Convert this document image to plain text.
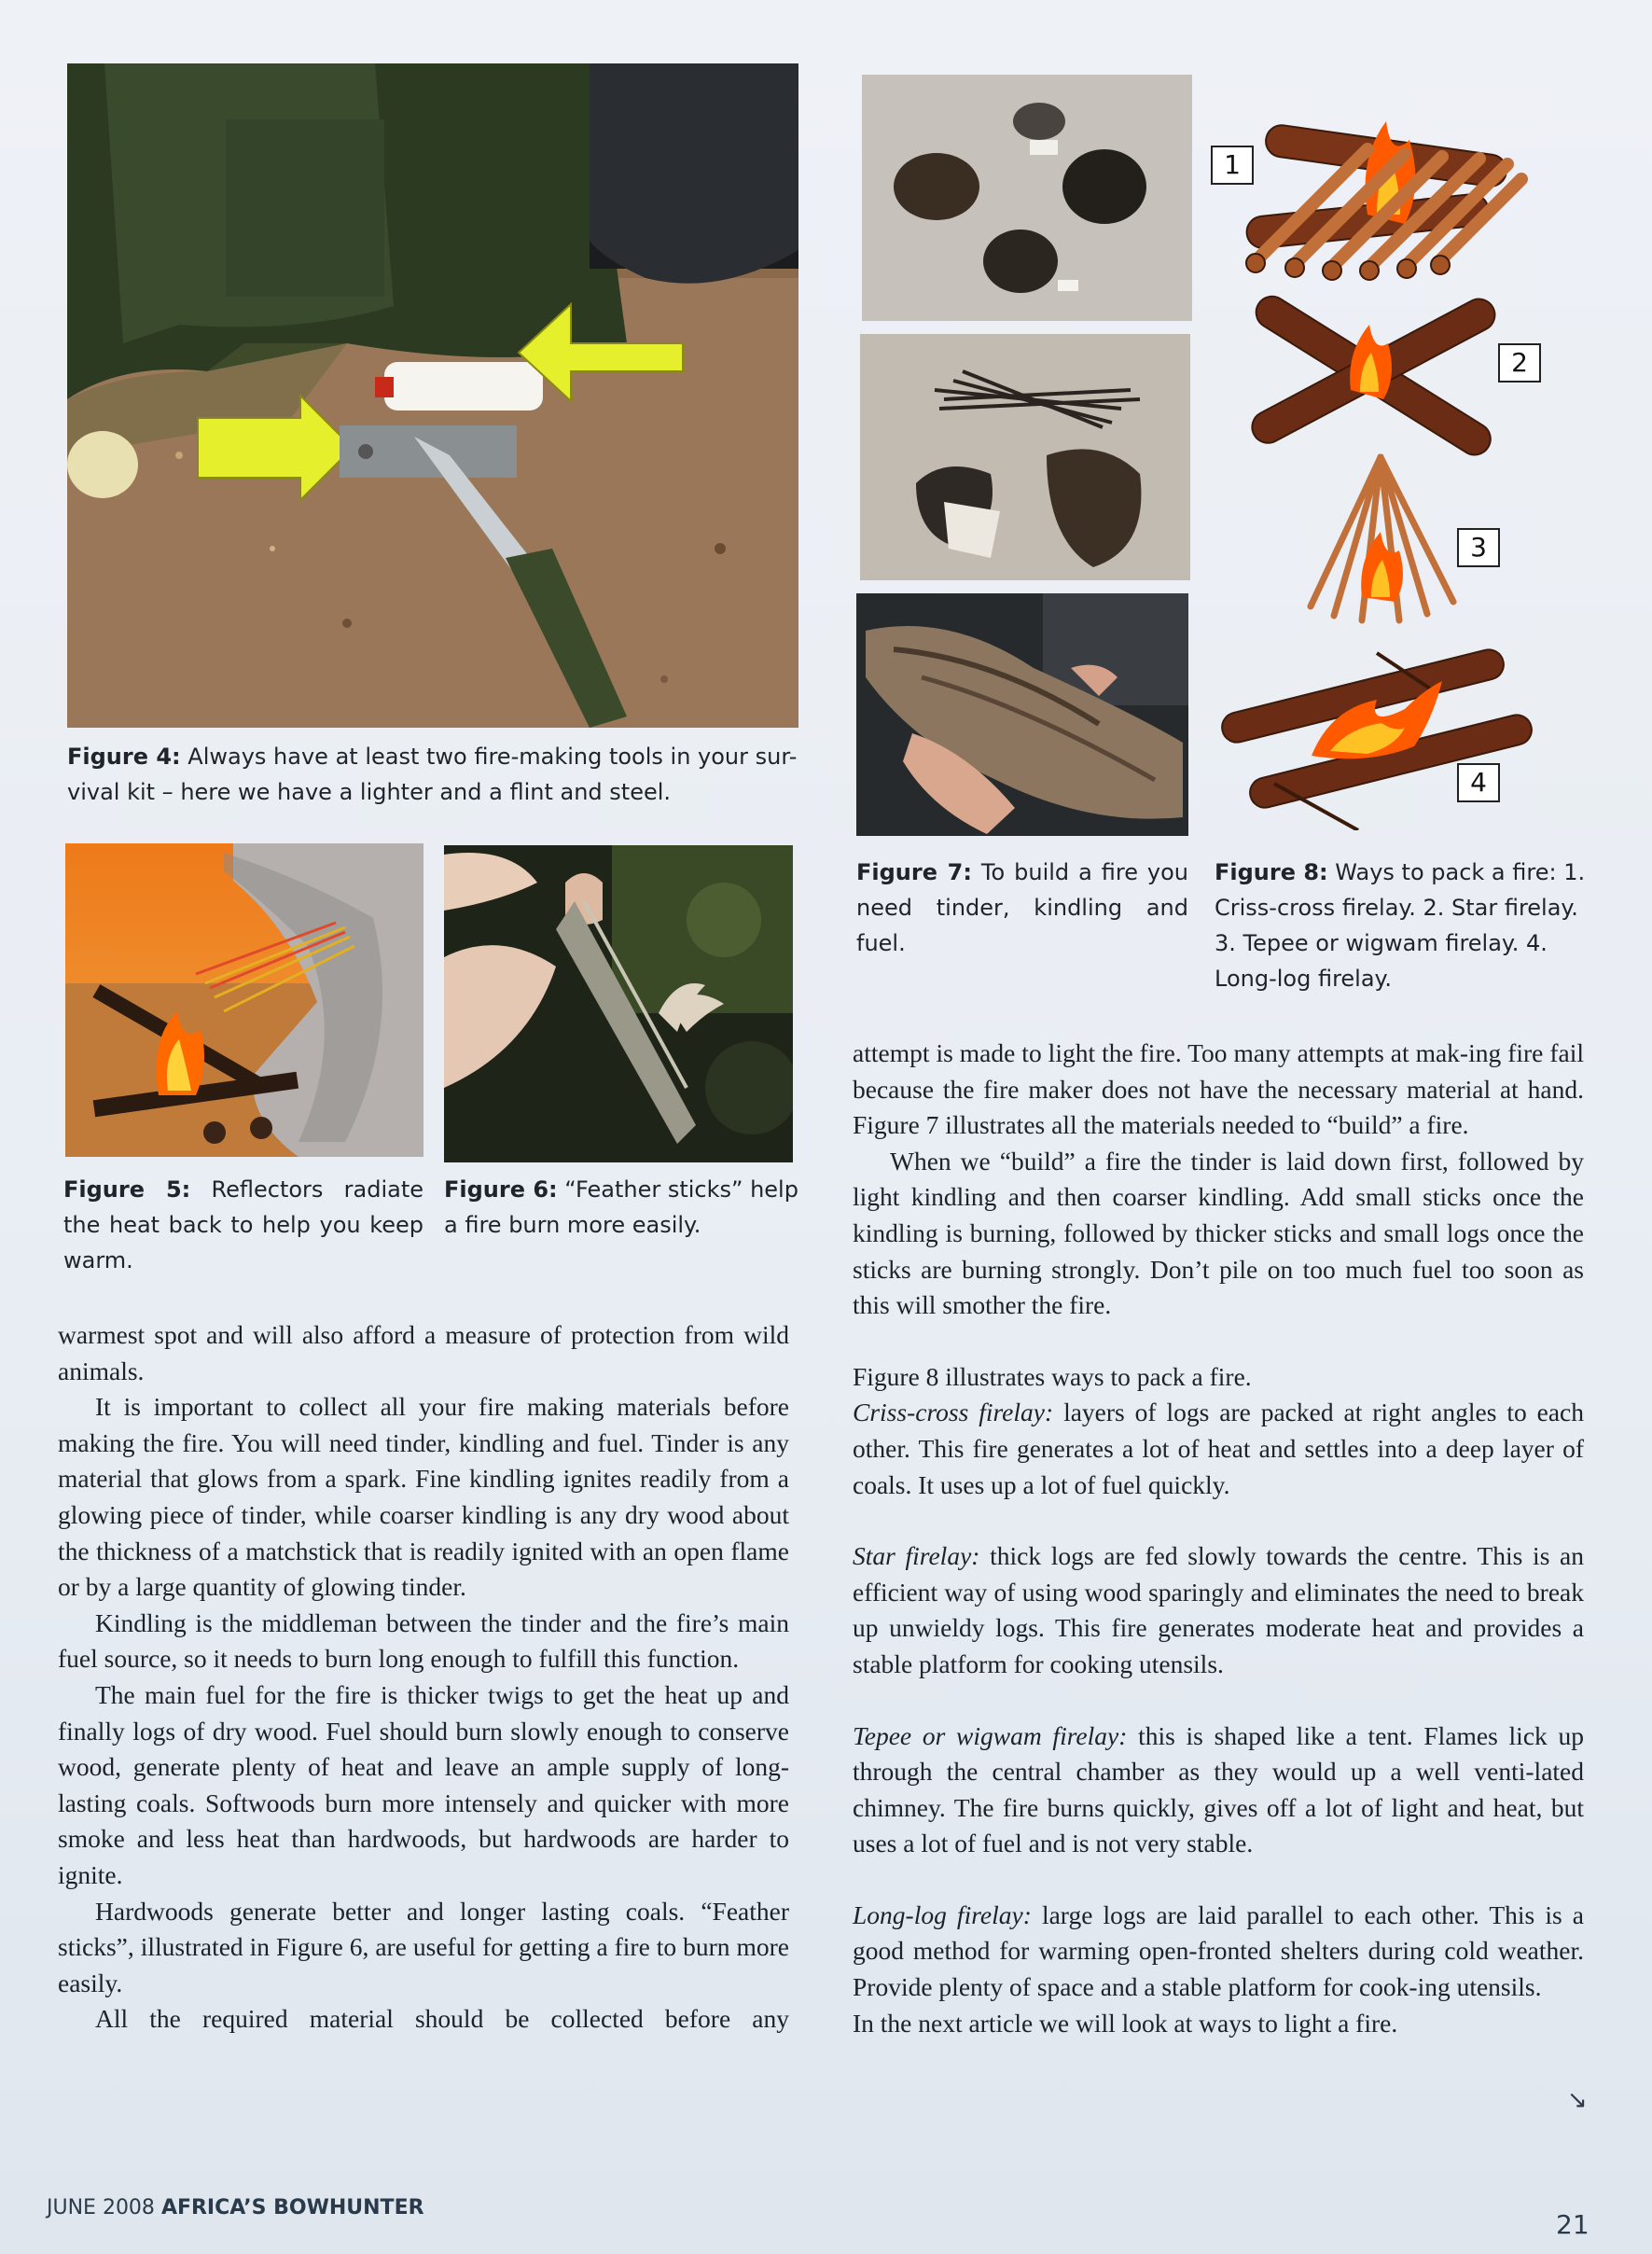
Figure 4: Always have at least two fire-making tools in your sur-vival kit – here we have a lighter and a flint and steel.
Figure 5: Reflectors radiate the heat back to help you keep warm.
Figure 6: “Feather sticks” help a fire burn more easily.
Figure 7: To build a fire you need tinder, kindling and fuel.
1
2
3
4
Figure 8: Ways to pack a fire: 1. Criss-cross firelay. 2. Star firelay. 3. Tepee or wigwam firelay. 4. Long-log firelay.

warmest spot and will also afford a measure of protection from wild animals.

It is important to collect all your fire making materials before making the fire. You will need tinder, kindling and fuel. Tinder is any material that glows from a spark. Fine kindling ignites readily from a glowing piece of tinder, while coarser kindling is any dry wood about the thickness of a matchstick that is readily ignited with an open flame or by a large quantity of glowing tinder.

Kindling is the middleman between the tinder and the fire’s main fuel source, so it needs to burn long enough to fulfill this function.

The main fuel for the fire is thicker twigs to get the heat up and finally logs of dry wood. Fuel should burn slowly enough to conserve wood, generate plenty of heat and leave an ample supply of long-lasting coals. Softwoods burn more intensely and quicker with more smoke and less heat than hardwoods, but hardwoods are harder to ignite.

Hardwoods generate better and longer lasting coals. “Feather sticks”, illustrated in Figure 6, are useful for getting a fire to burn more easily.

All the required material should be collected before any

attempt is made to light the fire. Too many attempts at mak-ing fire fail because the fire maker does not have the necessary material at hand. Figure 7 illustrates all the materials needed to “build” a fire.

When we “build” a fire the tinder is laid down first, followed by light kindling and then coarser kindling. Add small sticks once the kindling is burning, followed by thicker sticks and small logs once the sticks are burning strongly. Don’t pile on too much fuel too soon as this will smother the fire.

Figure 8 illustrates ways to pack a fire.

Criss-cross firelay: layers of logs are packed at right angles to each other. This fire generates a lot of heat and settles into a deep layer of coals. It uses up a lot of fuel quickly.

Star firelay: thick logs are fed slowly towards the centre. This is an efficient way of using wood sparingly and eliminates the need to break up unwieldy logs. This fire generates moderate heat and provides a stable platform for cooking utensils.

Tepee or wigwam firelay: this is shaped like a tent. Flames lick up through the central chamber as they would up a well venti-lated chimney. The fire burns quickly, gives off a lot of light and heat, but uses a lot of fuel and is not very stable.

Long-log firelay: large logs are laid parallel to each other. This is a good method for warming open-fronted shelters during cold weather. Provide plenty of space and a stable platform for cook-ing utensils.

In the next article we will look at ways to light a fire.

↘
JUNE 2008 AFRICA’S BOWHUNTER
21
